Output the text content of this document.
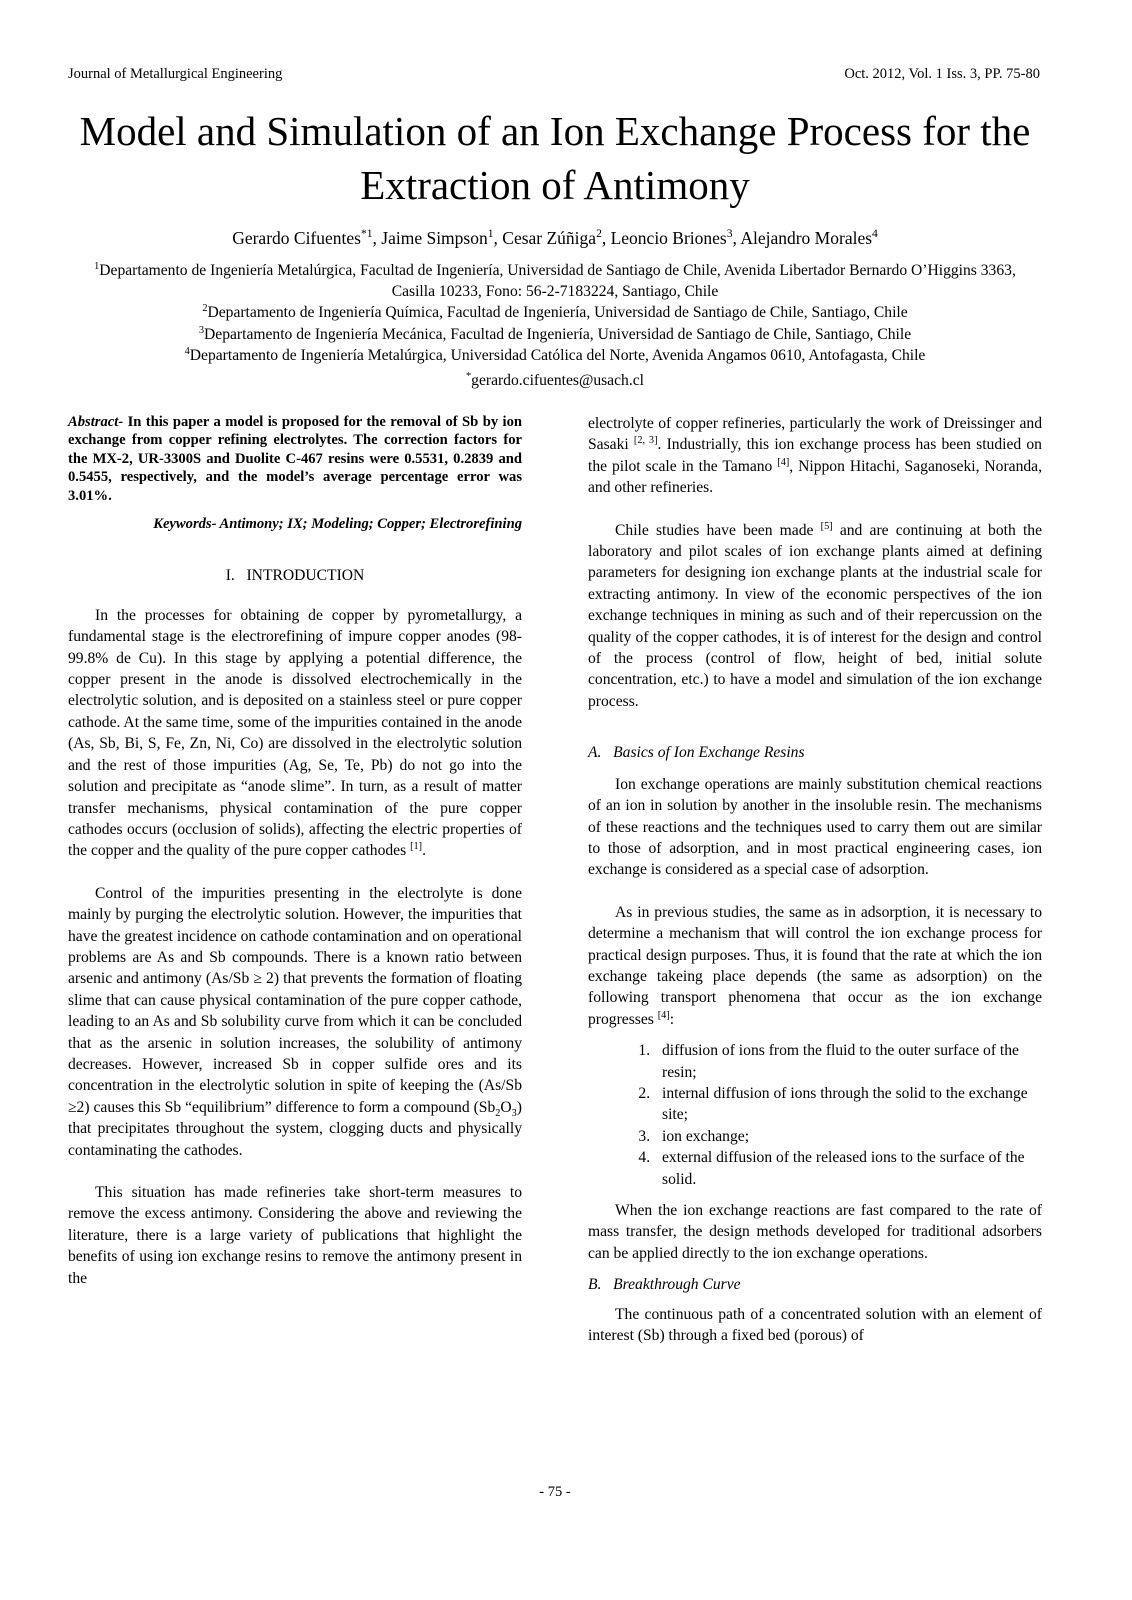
Journal of Metallurgical Engineering	Oct. 2012, Vol. 1 Iss. 3, PP. 75-80
Model and Simulation of an Ion Exchange Process for the Extraction of Antimony
Gerardo Cifuentes$^{*1}$, Jaime Simpson$^1$, Cesar Zúñiga$^2$, Leoncio Briones$^3$, Alejandro Morales$^4$
$^1$Departamento de Ingeniería Metalúrgica, Facultad de Ingeniería, Universidad de Santiago de Chile, Avenida Libertador Bernardo O’Higgins 3363, Casilla 10233, Fono: 56-2-7183224, Santiago, Chile
$^2$Departamento de Ingeniería Química, Facultad de Ingeniería, Universidad de Santiago de Chile, Santiago, Chile
$^3$Departamento de Ingeniería Mecánica, Facultad de Ingeniería, Universidad de Santiago de Chile, Santiago, Chile
$^4$Departamento de Ingeniería Metalúrgica, Universidad Católica del Norte, Avenida Angamos 0610, Antofagasta, Chile
*gerardo.cifuentes@usach.cl

Abstract- In this paper a model is proposed for the removal of Sb by ion exchange from copper refining electrolytes. The correction factors for the MX-2, UR-3300S and Duolite C-467 resins were 0.5531, 0.2839 and 0.5455, respectively, and the model’s average percentage error was 3.01%.

Keywords- Antimony; IX; Modeling; Copper; Electrorefining

I.   INTRODUCTION

In the processes for obtaining de copper by pyrometallurgy, a fundamental stage is the electrorefining of impure copper anodes (98-99.8% de Cu). In this stage by applying a potential difference, the copper present in the anode is dissolved electrochemically in the electrolytic solution, and is deposited on a stainless steel or pure copper cathode. At the same time, some of the impurities contained in the anode (As, Sb, Bi, S, Fe, Zn, Ni, Co) are dissolved in the electrolytic solution and the rest of those impurities (Ag, Se, Te, Pb) do not go into the solution and precipitate as “anode slime”. In turn, as a result of matter transfer mechanisms, physical contamination of the pure copper cathodes occurs (occlusion of solids), affecting the electric properties of the copper and the quality of the pure copper cathodes [1].

Control of the impurities presenting in the electrolyte is done mainly by purging the electrolytic solution. However, the impurities that have the greatest incidence on cathode contamination and on operational problems are As and Sb compounds. There is a known ratio between arsenic and antimony (As/Sb ≥ 2) that prevents the formation of floating slime that can cause physical contamination of the pure copper cathode, leading to an As and Sb solubility curve from which it can be concluded that as the arsenic in solution increases, the solubility of antimony decreases. However, increased Sb in copper sulfide ores and its concentration in the electrolytic solution in spite of keeping the (As/Sb ≥2) causes this Sb “equilibrium” difference to form a compound $(Sb_2O_3)$ that precipitates throughout the system, clogging ducts and physically contaminating the cathodes.

This situation has made refineries take short-term measures to remove the excess antimony. Considering the above and reviewing the literature, there is a large variety of publications that highlight the benefits of using ion exchange resins to remove the antimony present in the

electrolyte of copper refineries, particularly the work of Dreissinger and Sasaki [2, 3]. Industrially, this ion exchange process has been studied on the pilot scale in the Tamano [4], Nippon Hitachi, Saganoseki, Noranda, and other refineries.

Chile studies have been made [5] and are continuing at both the laboratory and pilot scales of ion exchange plants aimed at defining parameters for designing ion exchange plants at the industrial scale for extracting antimony. In view of the economic perspectives of the ion exchange techniques in mining as such and of their repercussion on the quality of the copper cathodes, it is of interest for the design and control of the process (control of flow, height of bed, initial solute concentration, etc.) to have a model and simulation of the ion exchange process.

A.   Basics of Ion Exchange Resins

Ion exchange operations are mainly substitution chemical reactions of an ion in solution by another in the insoluble resin. The mechanisms of these reactions and the techniques used to carry them out are similar to those of adsorption, and in most practical engineering cases, ion exchange is considered as a special case of adsorption.

As in previous studies, the same as in adsorption, it is necessary to determine a mechanism that will control the ion exchange process for practical design purposes. Thus, it is found that the rate at which the ion exchange takeing place depends (the same as adsorption) on the following transport phenomena that occur as the ion exchange progresses [4]:

1. diffusion of ions from the fluid to the outer surface of the resin;
2. internal diffusion of ions through the solid to the exchange site;
3. ion exchange;
4. external diffusion of the released ions to the surface of the solid.

When the ion exchange reactions are fast compared to the rate of mass transfer, the design methods developed for traditional adsorbers can be applied directly to the ion exchange operations.

B.   Breakthrough Curve

The continuous path of a concentrated solution with an element of interest (Sb) through a fixed bed (porous) of

- 75 -
